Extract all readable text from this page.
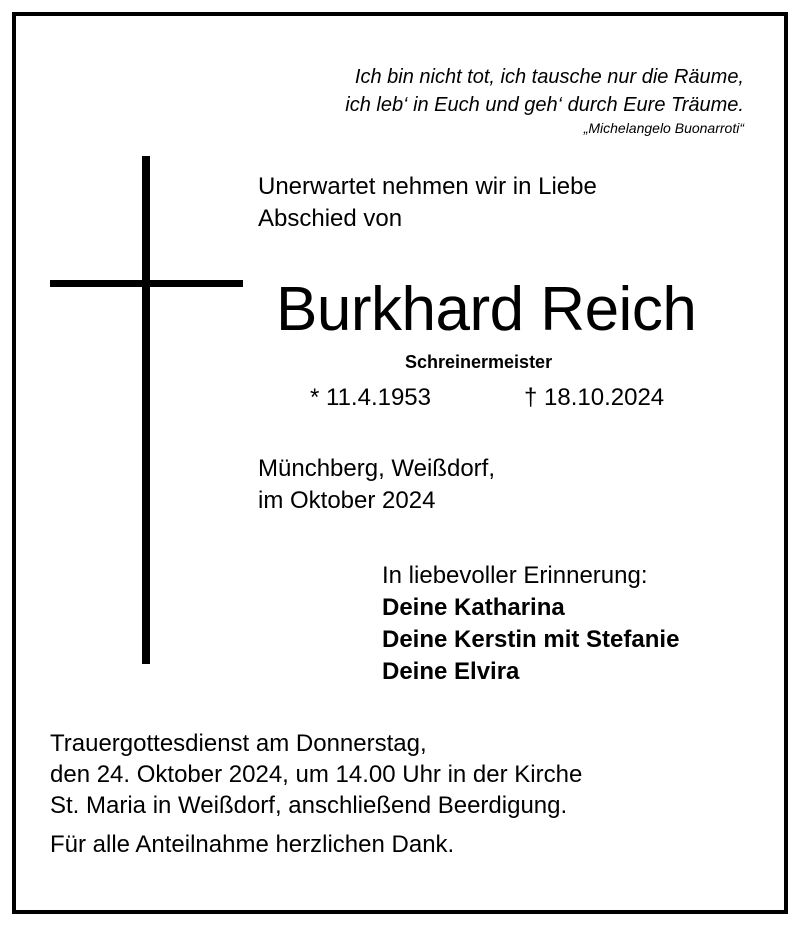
Ich bin nicht tot, ich tausche nur die Räume,
ich leb‘ in Euch und geh‘ durch Eure Träume.
„Michelangelo Buonarroti“
Unerwartet nehmen wir in Liebe
Abschied von
Burkhard Reich
Schreinermeister
* 11.4.1953	† 18.10.2024
Münchberg, Weißdorf,
im Oktober 2024
In liebevoller Erinnerung:
Deine Katharina
Deine Kerstin mit Stefanie
Deine Elvira
Trauergottesdienst am Donnerstag,
den 24. Oktober 2024, um 14.00 Uhr in der Kirche
St. Maria in Weißdorf, anschließend Beerdigung.
Für alle Anteilnahme herzlichen Dank.
